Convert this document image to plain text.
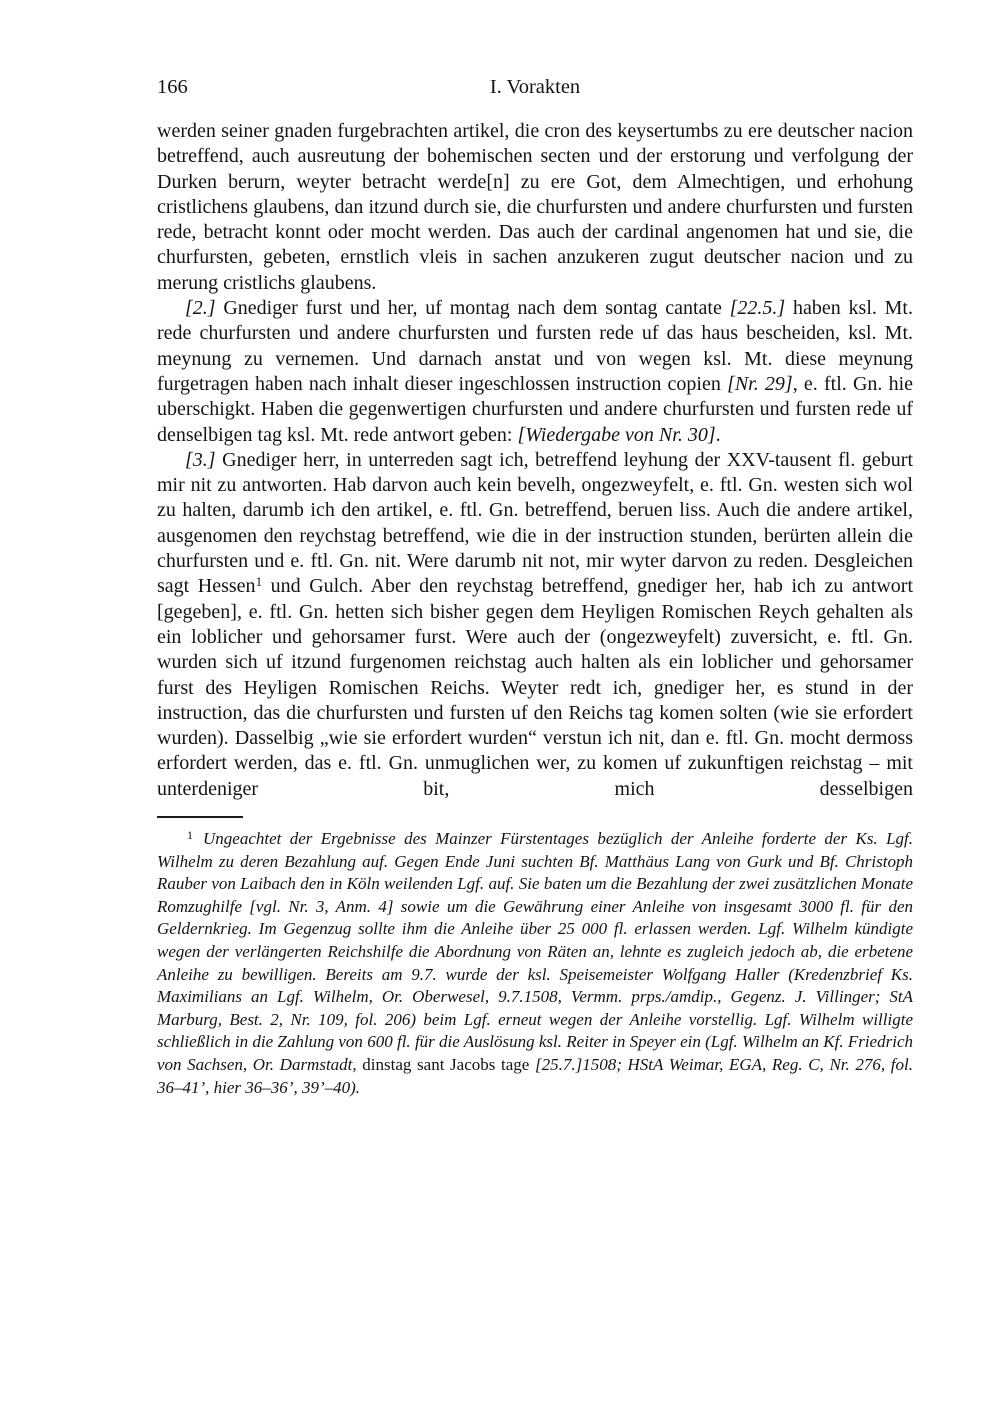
166	I. Vorakten

werden seiner gnaden furgebrachten artikel, die cron des keysertumbs zu ere deutscher nacion betreffend, auch ausreutung der bohemischen secten und der erstorung und verfolgung der Durken berurn, weyter betracht werde[n] zu ere Got, dem Almechtigen, und erhohung cristlichens glaubens, dan itzund durch sie, die churfursten und andere churfursten und fursten rede, betracht konnt oder mocht werden. Das auch der cardinal angenomen hat und sie, die churfursten, gebeten, ernstlich vleis in sachen anzukeren zugut deutscher nacion und zu merung cristlichs glaubens.

[2.] Gnediger furst und her, uf montag nach dem sontag cantate [22.5.] haben ksl. Mt. rede churfursten und andere churfursten und fursten rede uf das haus bescheiden, ksl. Mt. meynung zu vernemen. Und darnach anstat und von wegen ksl. Mt. diese meynung furgetragen haben nach inhalt dieser ingeschlossen instruction copien [Nr. 29], e. ftl. Gn. hie uberschigkt. Haben die gegenwertigen churfursten und andere churfursten und fursten rede uf denselbigen tag ksl. Mt. rede antwort geben: [Wiedergabe von Nr. 30].

[3.] Gnediger herr, in unterreden sagt ich, betreffend leyhung der XXV-tausent fl. geburt mir nit zu antworten. Hab darvon auch kein bevelh, ongezweyfelt, e. ftl. Gn. westen sich wol zu halten, darumb ich den artikel, e. ftl. Gn. betreffend, beruen liss. Auch die andere artikel, ausgenomen den reychstag betreffend, wie die in der instruction stunden, berürten allein die churfursten und e. ftl. Gn. nit. Were darumb nit not, mir wyter darvon zu reden. Desgleichen sagt Hessen$^1$ und Gulch. Aber den reychstag betreffend, gnediger her, hab ich zu antwort [gegeben], e. ftl. Gn. hetten sich bisher gegen dem Heyligen Romischen Reych gehalten als ein loblicher und gehorsamer furst. Were auch der (ongezweyfelt) zuversicht, e. ftl. Gn. wurden sich uf itzund furgenomen reichstag auch halten als ein loblicher und gehorsamer furst des Heyligen Romischen Reichs. Weyter redt ich, gnediger her, es stund in der instruction, das die churfursten und fursten uf den Reichs tag komen solten (wie sie erfordert wurden). Dasselbig „wie sie erfordert wurden“ verstun ich nit, dan e. ftl. Gn. mocht dermoss erfordert werden, das e. ftl. Gn. unmuglichen wer, zu komen uf zukunftigen reichstag – mit unterdeniger bit, mich desselbigen

$^1$ Ungeachtet der Ergebnisse des Mainzer Fürstentages bezüglich der Anleihe forderte der Ks. Lgf. Wilhelm zu deren Bezahlung auf. Gegen Ende Juni suchten Bf. Matthäus Lang von Gurk und Bf. Christoph Rauber von Laibach den in Köln weilenden Lgf. auf. Sie baten um die Bezahlung der zwei zusätzlichen Monate Romzughilfe [vgl. Nr. 3, Anm. 4] sowie um die Gewährung einer Anleihe von insgesamt 3000 fl. für den Geldernkrieg. Im Gegenzug sollte ihm die Anleihe über 25 000 fl. erlassen werden. Lgf. Wilhelm kündigte wegen der verlängerten Reichshilfe die Abordnung von Räten an, lehnte es zugleich jedoch ab, die erbetene Anleihe zu bewilligen. Bereits am 9.7. wurde der ksl. Speisemeister Wolfgang Haller (Kredenzbrief Ks. Maximilians an Lgf. Wilhelm, Or. Oberwesel, 9.7.1508, Vermm. prps./amdip., Gegenz. J. Villinger; StA Marburg, Best. 2, Nr. 109, fol. 206) beim Lgf. erneut wegen der Anleihe vorstellig. Lgf. Wilhelm willigte schließlich in die Zahlung von 600 fl. für die Auslösung ksl. Reiter in Speyer ein (Lgf. Wilhelm an Kf. Friedrich von Sachsen, Or. Darmstadt, dinstag sant Jacobs tage [25.7.]1508; HStA Weimar, EGA, Reg. C, Nr. 276, fol. 36–41’, hier 36–36’, 39’–40).
